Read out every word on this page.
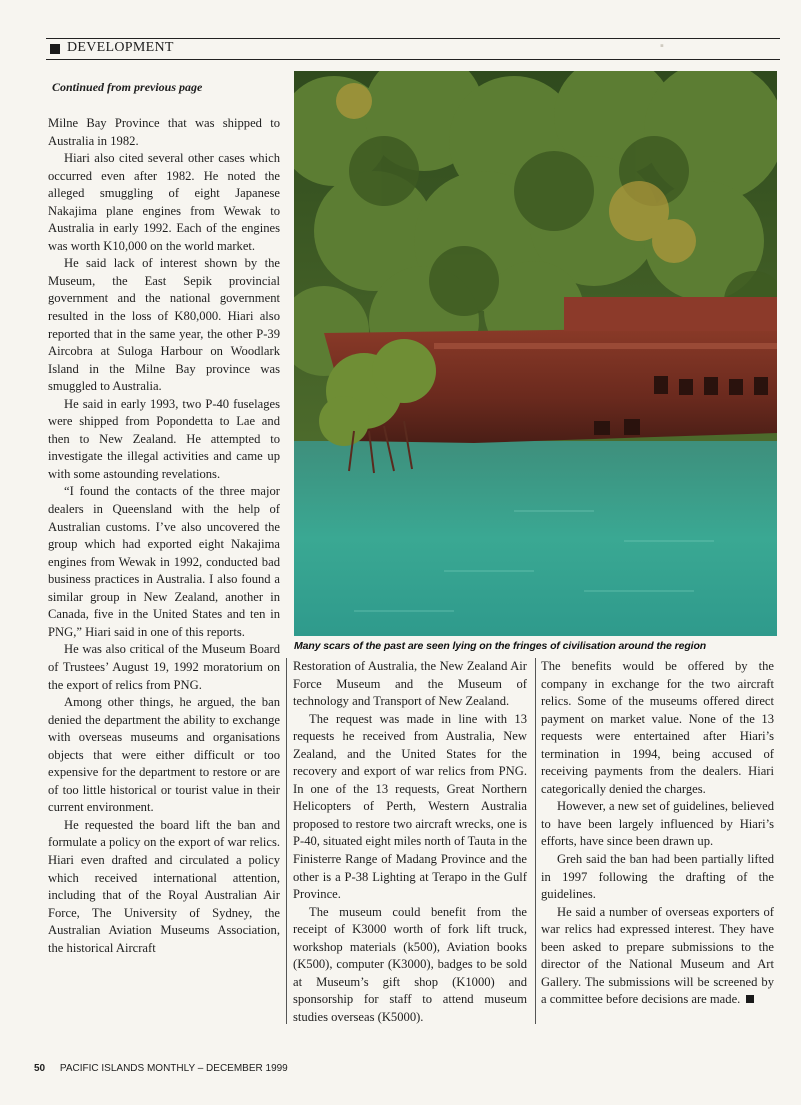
DEVELOPMENT	▪
Continued from previous page

Milne Bay Province that was shipped to Australia in 1982.

Hiari also cited several other cases which occurred even after 1982. He noted the alleged smuggling of eight Japanese Nakajima plane engines from Wewak to Australia in early 1992. Each of the engines was worth K10,000 on the world market.

He said lack of interest shown by the Museum, the East Sepik provincial government and the national government resulted in the loss of K80,000. Hiari also reported that in the same year, the other P-39 Aircobra at Suloga Harbour on Woodlark Island in the Milne Bay province was smuggled to Australia.

He said in early 1993, two P-40 fuselages were shipped from Popondetta to Lae and then to New Zealand. He attempted to investigate the illegal activities and came up with some astounding revelations.

“I found the contacts of the three major dealers in Queensland with the help of Australian customs. I’ve also uncovered the group which had exported eight Nakajima engines from Wewak in 1992, conducted bad business practices in Australia. I also found a similar group in New Zealand, another in Canada, five in the United States and ten in PNG,” Hiari said in one of this reports.

He was also critical of the Museum Board of Trustees’ August 19, 1992 moratorium on the export of relics from PNG.

Among other things, he argued, the ban denied the department the ability to exchange with overseas museums and organisations objects that were either difficult or too expensive for the department to restore or are of too little historical or tourist value in their current environment.

He requested the board lift the ban and formulate a policy on the export of war relics. Hiari even drafted and circulated a policy which received international attention, including that of the Royal Australian Air Force, The University of Sydney, the Australian Aviation Museums Association, the historical Aircraft

Restoration of Australia, the New Zealand Air Force Museum and the Museum of technology and Transport of New Zealand.

The request was made in line with 13 requests he received from Australia, New Zealand, and the United States for the recovery and export of war relics from PNG. In one of the 13 requests, Great Northern Helicopters of Perth, Western Australia proposed to restore two aircraft wrecks, one is P-40, situated eight miles north of Tauta in the Finisterre Range of Madang Province and the other is a P-38 Lighting at Terapo in the Gulf Province.

The museum could benefit from the receipt of K3000 worth of fork lift truck, workshop materials (k500), Aviation books (K500), computer (K3000), badges to be sold at Museum’s gift shop (K1000) and sponsorship for staff to attend museum studies overseas (K5000).

The benefits would be offered by the company in exchange for the two aircraft relics. Some of the museums offered direct payment on market value. None of the 13 requests were entertained after Hiari’s termination in 1994, being accused of receiving payments from the dealers. Hiari categorically denied the charges.

However, a new set of guidelines, believed to have been largely influenced by Hiari’s efforts, have since been drawn up.

Greh said the ban had been partially lifted in 1997 following the drafting of the guidelines.

He said a number of overseas exporters of war relics had expressed interest. They have been asked to prepare submissions to the director of the National Museum and Art Gallery. The submissions will be screened by a committee before decisions are made.

Many scars of the past are seen lying on the fringes of civilisation around the region
50 PACIFIC ISLANDS MONTHLY – DECEMBER 1999
